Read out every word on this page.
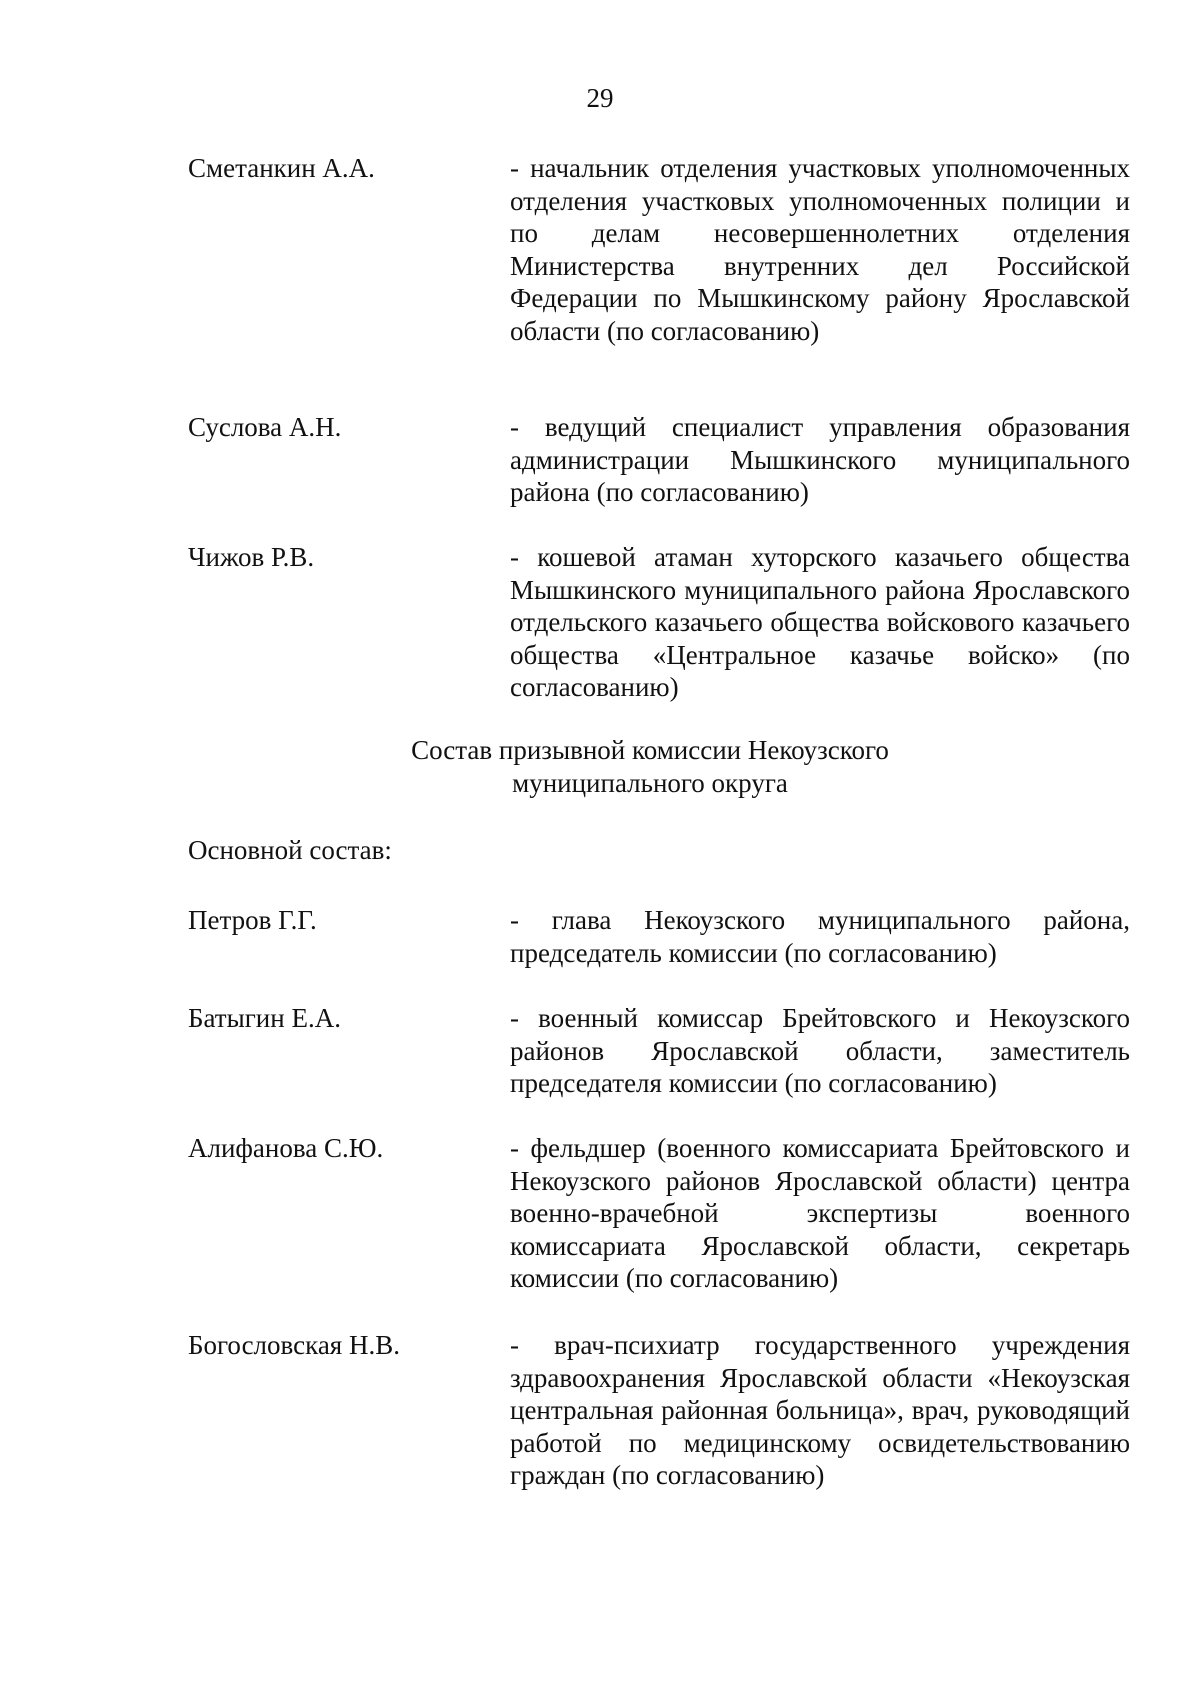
29
Сметанкин А.А.	- начальник отделения участковых уполномоченных отделения участковых уполномоченных полиции и по делам несовершеннолетних отделения Министерства внутренних дел Российской Федерации по Мышкинскому району Ярославской области (по согласованию)
Суслова А.Н.	- ведущий специалист управления образования администрации Мышкинского муниципального района (по согласованию)
Чижов Р.В.	- кошевой атаман хуторского казачьего общества Мышкинского муниципального района Ярославского отдельского казачьего общества войскового казачьего общества «Центральное казачье войско» (по согласованию)
Состав призывной комиссии Некоузского муниципального округа
Основной состав:
Петров Г.Г.	- глава Некоузского муниципального района, председатель комиссии (по согласованию)
Батыгин Е.А.	- военный комиссар Брейтовского и Некоузского районов Ярославской области, заместитель председателя комиссии (по согласованию)
Алифанова С.Ю.	- фельдшер (военного комиссариата Брейтовского и Некоузского районов Ярославской области) центра военно-врачебной экспертизы военного комиссариата Ярославской области, секретарь комиссии (по согласованию)
Богословская Н.В.	- врач-психиатр государственного учреждения здравоохранения Ярославской области «Некоузская центральная районная больница», врач, руководящий работой по медицинскому освидетельствованию граждан (по согласованию)
